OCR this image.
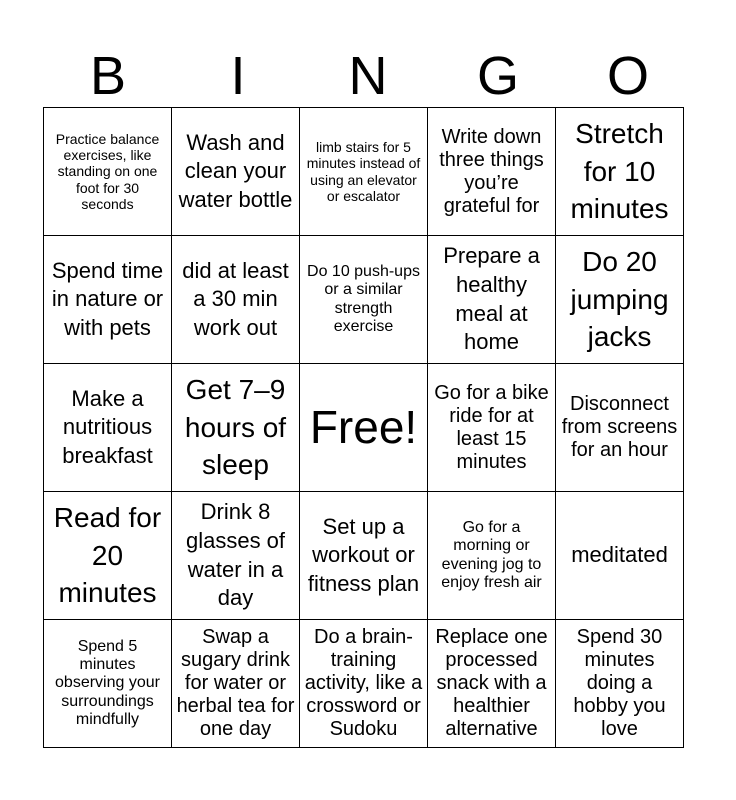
B	I	N	G	O
Practice balance exercises, like standing on one foot for 30 seconds	Wash and clean your water bottle	limb stairs for 5 minutes instead of using an elevator or escalator	Write down three things you’re grateful for	Stretch for 10 minutes
Spend time in nature or with pets	did at least a 30 min work out	Do 10 push-ups or a similar strength exercise	Prepare a healthy meal at home	Do 20 jumping jacks
Make a nutritious breakfast	Get 7–9 hours of sleep	Free!	Go for a bike ride for at least 15 minutes	Disconnect from screens for an hour
Read for 20 minutes	Drink 8 glasses of water in a day	Set up a workout or fitness plan	Go for a morning or evening jog to enjoy fresh air	meditated
Spend 5 minutes observing your surroundings mindfully	Swap a sugary drink for water or herbal tea for one day	Do a brain-training activity, like a crossword or Sudoku	Replace one processed snack with a healthier alternative	Spend 30 minutes doing a hobby you love
